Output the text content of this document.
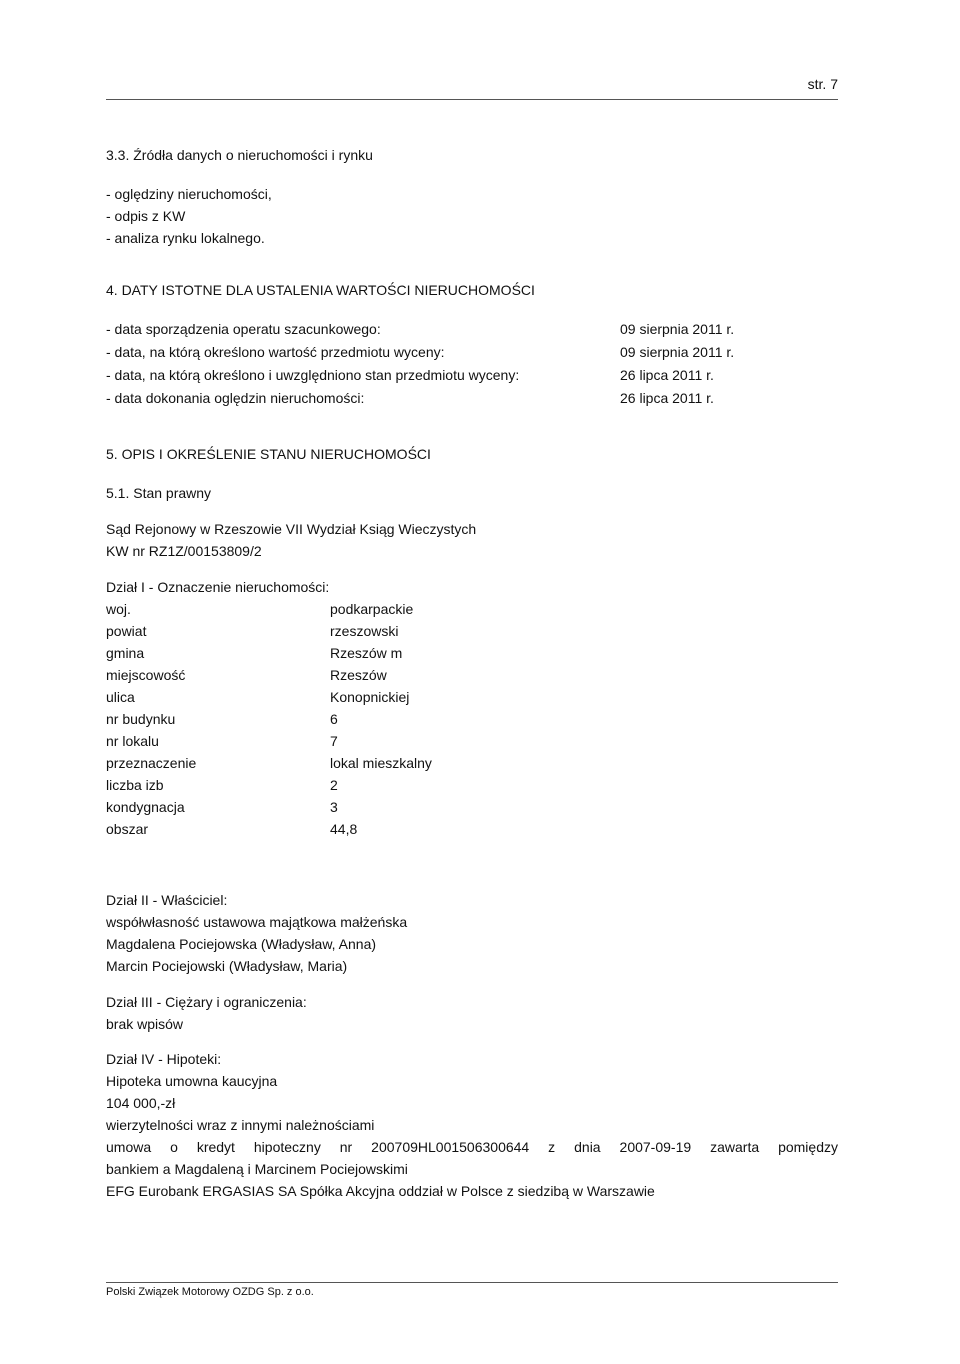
str. 7
3.3. Źródła danych o nieruchomości i rynku
- oględziny nieruchomości,
- odpis z KW
- analiza rynku lokalnego.
4. DATY ISTOTNE DLA USTALENIA WARTOŚCI NIERUCHOMOŚCI
- data sporządzenia operatu szacunkowego:	09 sierpnia 2011 r.
- data, na którą określono wartość przedmiotu wyceny:	09 sierpnia 2011 r.
- data, na którą określono i uwzględniono stan przedmiotu wyceny:	26 lipca 2011 r.
- data dokonania oględzin nieruchomości:	26 lipca 2011 r.
5. OPIS I OKREŚLENIE STANU NIERUCHOMOŚCI
5.1. Stan prawny
Sąd Rejonowy w Rzeszowie VII Wydział Ksiąg Wieczystych
KW nr RZ1Z/00153809/2
Dział I - Oznaczenie nieruchomości:
woj.	podkarpackie
powiat	rzeszowski
gmina	Rzeszów m
miejscowość	Rzeszów
ulica	Konopnickiej
nr budynku	6
nr lokalu	7
przeznaczenie	lokal mieszkalny
liczba izb	2
kondygnacja	3
obszar	44,8
Dział II - Właściciel:
współwłasność ustawowa majątkowa małżeńska
Magdalena Pociejowska (Władysław, Anna)
Marcin Pociejowski (Władysław, Maria)
Dział III - Ciężary i ograniczenia:
brak wpisów
Dział IV - Hipoteki:
Hipoteka umowna kaucyjna
104 000,-zł
wierzytelności wraz z innymi należnościami
umowa o kredyt hipoteczny nr 200709HL001506300644 z dnia 2007-09-19 zawarta pomiędzy
bankiem a Magdaleną i Marcinem Pociejowskimi
EFG Eurobank ERGASIAS SA Spółka Akcyjna oddział w Polsce z siedzibą w Warszawie
Polski Związek Motorowy OZDG Sp. z o.o.
